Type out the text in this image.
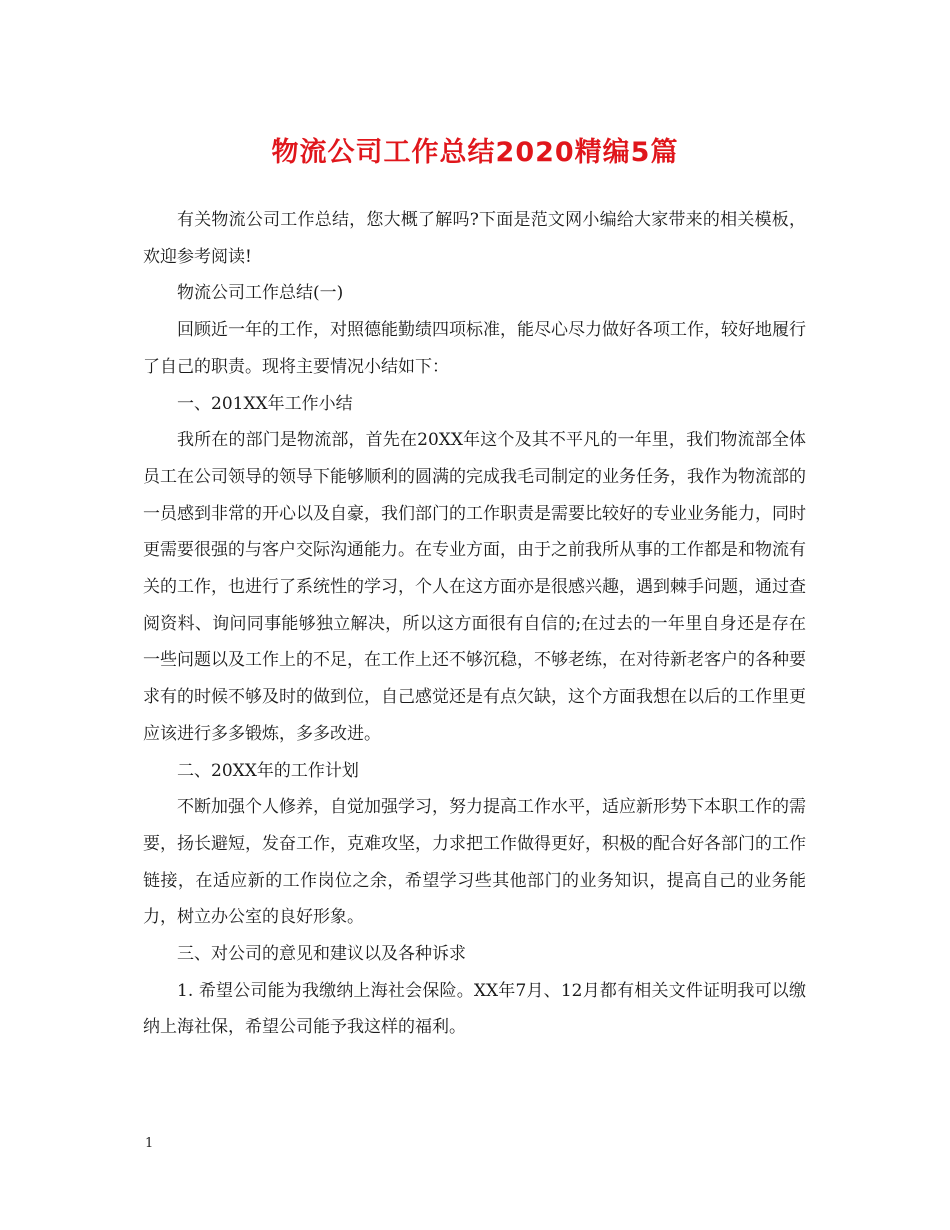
物流公司工作总结2020精编5篇

有关物流公司工作总结，您大概了解吗?下面是范文网小编给大家带来的相关模板，欢迎参考阅读!

物流公司工作总结(一)

回顾近一年的工作，对照德能勤绩四项标准，能尽心尽力做好各项工作，较好地履行了自己的职责。现将主要情况小结如下：

一、201XX年工作小结

我所在的部门是物流部，首先在20XX年这个及其不平凡的一年里，我们物流部全体员工在公司领导的领导下能够顺利的圆满的完成我毛司制定的业务任务，我作为物流部的一员感到非常的开心以及自豪，我们部门的工作职责是需要比较好的专业业务能力，同时更需要很强的与客户交际沟通能力。在专业方面，由于之前我所从事的工作都是和物流有关的工作，也进行了系统性的学习，个人在这方面亦是很感兴趣，遇到棘手问题，通过查阅资料、询问同事能够独立解决，所以这方面很有自信的;在过去的一年里自身还是存在一些问题以及工作上的不足，在工作上还不够沉稳，不够老练，在对待新老客户的各种要求有的时候不够及时的做到位，自己感觉还是有点欠缺，这个方面我想在以后的工作里更应该进行多多锻炼，多多改进。

二、20XX年的工作计划

不断加强个人修养，自觉加强学习，努力提高工作水平，适应新形势下本职工作的需要，扬长避短，发奋工作，克难攻坚，力求把工作做得更好，积极的配合好各部门的工作链接，在适应新的工作岗位之余，希望学习些其他部门的业务知识，提高自己的业务能力，树立办公室的良好形象。

三、对公司的意见和建议以及各种诉求

1. 希望公司能为我缴纳上海社会保险。XX年7月、12月都有相关文件证明我可以缴纳上海社保，希望公司能予我这样的福利。

1
